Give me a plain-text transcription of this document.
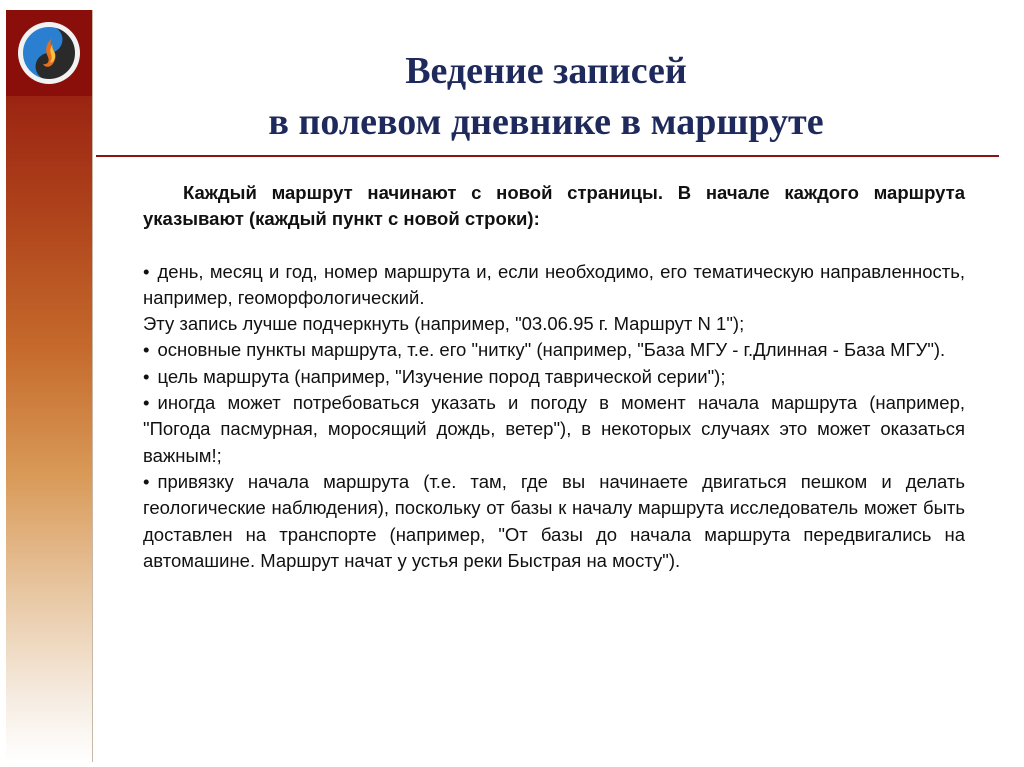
Ведение записей
в полевом дневнике в маршруте

Каждый маршрут начинают с новой страницы. В начале каждого маршрута указывают (каждый пункт с новой строки):

• день, месяц и год, номер маршрута и, если необходимо, его тематическую направленность, например, геоморфологический.

Эту запись лучше подчеркнуть (например, "03.06.95 г. Маршрут N 1");

• основные пункты маршрута, т.е. его "нитку" (например, "База МГУ - г.Длинная - База МГУ").

• цель маршрута (например, "Изучение пород таврической серии");

• иногда может потребоваться указать и погоду в момент начала маршрута (например, "Погода пасмурная, моросящий дождь, ветер"), в некоторых случаях это может оказаться важным!;

• привязку начала маршрута (т.е. там, где вы начинаете двигаться пешком и делать геологические наблюдения), поскольку от базы к началу маршрута исследователь может быть доставлен на транспорте (например, "От базы до начала маршрута передвигались на автомашине. Маршрут начат у устья реки Быстрая на мосту").
